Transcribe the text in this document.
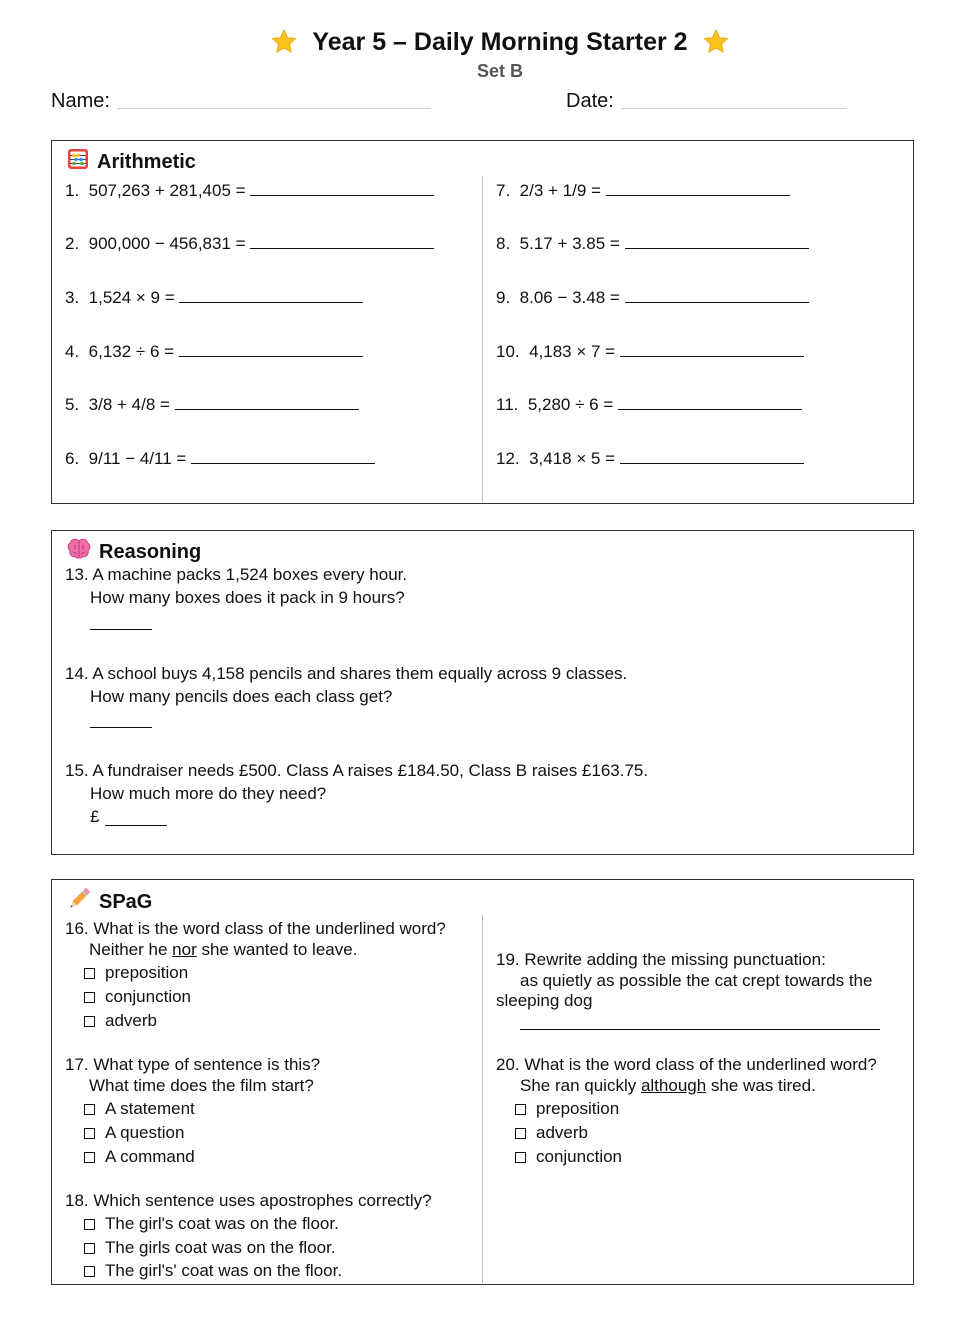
Year 5 – Daily Morning Starter 2
Set B
Name:	Date:
Arithmetic
1. 507,263 + 281,405 =
2. 900,000 − 456,831 =
3. 1,524 × 9 =
4. 6,132 ÷ 6 =
5. 3/8 + 4/8 =
6. 9/11 − 4/11 =
7. 2/3 + 1/9 =
8. 5.17 + 3.85 =
9. 8.06 − 3.48 =
10. 4,183 × 7 =
11. 5,280 ÷ 6 =
12. 3,418 × 5 =
Reasoning
13. A machine packs 1,524 boxes every hour.
How many boxes does it pack in 9 hours?
14. A school buys 4,158 pencils and shares them equally across 9 classes.
How many pencils does each class get?
15. A fundraiser needs £500. Class A raises £184.50, Class B raises £163.75.
How much more do they need?
£
SPaG
16. What is the word class of the underlined word?
Neither he nor she wanted to leave.
preposition
conjunction
adverb
17. What type of sentence is this?
What time does the film start?
A statement
A question
A command
18. Which sentence uses apostrophes correctly?
The girl's coat was on the floor.
The girls coat was on the floor.
The girl's' coat was on the floor.
19. Rewrite adding the missing punctuation:
as quietly as possible the cat crept towards the
sleeping dog
20. What is the word class of the underlined word?
She ran quickly although she was tired.
preposition
adverb
conjunction
